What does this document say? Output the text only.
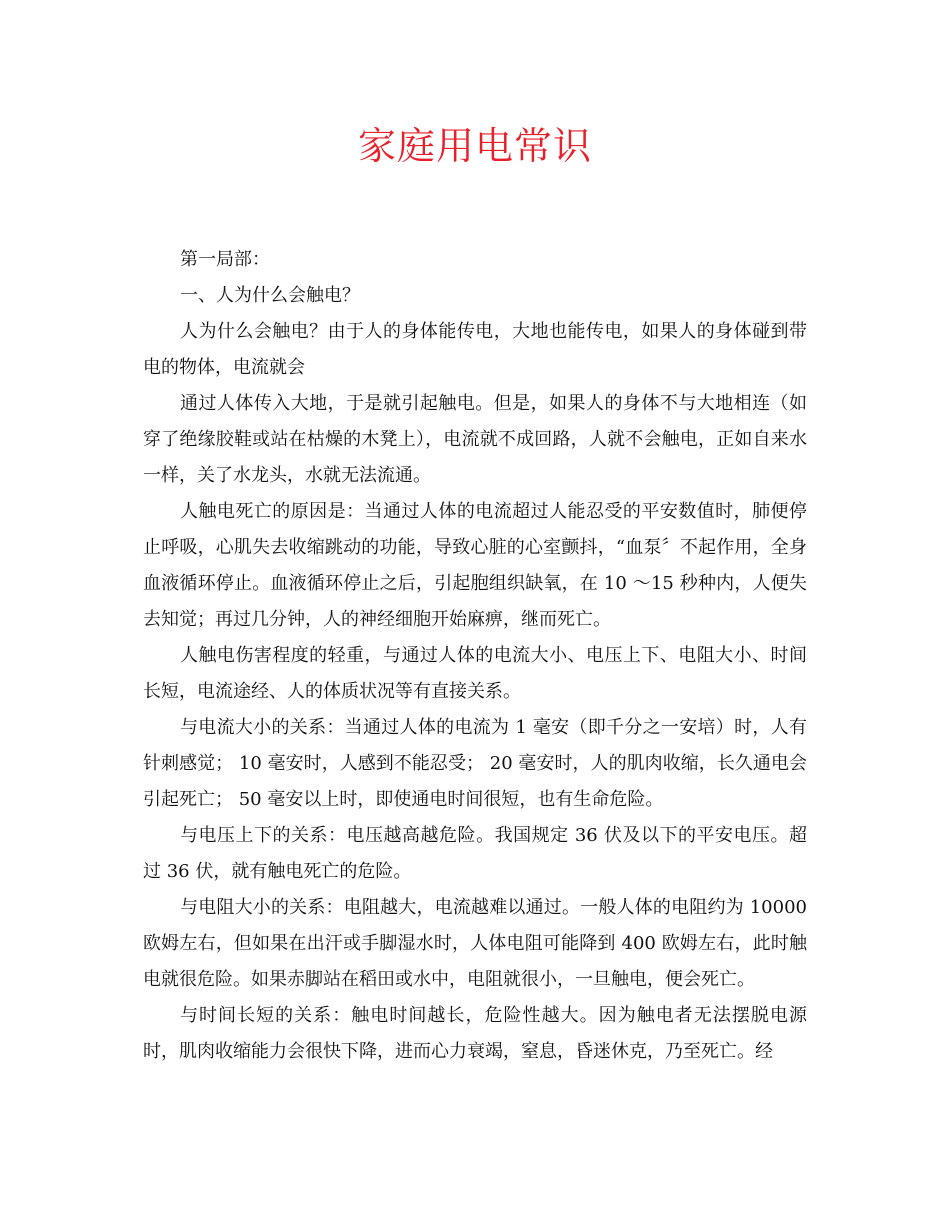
家庭用电常识

第一局部：

一、人为什么会触电？

人为什么会触电？由于人的身体能传电，大地也能传电，如果人的身体碰到带电的物体，电流就会

通过人体传入大地，于是就引起触电。但是，如果人的身体不与大地相连（如穿了绝缘胶鞋或站在枯燥的木凳上），电流就不成回路，人就不会触电，正如自来水一样，关了水龙头，水就无法流通。

人触电死亡的原因是：当通过人体的电流超过人能忍受的平安数值时，肺便停止呼吸，心肌失去收缩跳动的功能，导致心脏的心室颤抖，“血泵〞不起作用，全身血液循环停止。血液循环停止之后，引起胞组织缺氧，在 10 ～15 秒种内，人便失去知觉；再过几分钟，人的神经细胞开始麻痹，继而死亡。

人触电伤害程度的轻重，与通过人体的电流大小、电压上下、电阻大小、时间长短，电流途经、人的体质状况等有直接关系。

与电流大小的关系：当通过人体的电流为 1 毫安（即千分之一安培）时，人有针刺感觉； 10 毫安时，人感到不能忍受； 20 毫安时，人的肌肉收缩，长久通电会引起死亡； 50 毫安以上时，即使通电时间很短，也有生命危险。

与电压上下的关系：电压越高越危险。我国规定 36 伏及以下的平安电压。超过 36 伏，就有触电死亡的危险。

与电阻大小的关系：电阻越大，电流越难以通过。一般人体的电阻约为 10000 欧姆左右，但如果在出汗或手脚湿水时，人体电阻可能降到 400 欧姆左右，此时触电就很危险。如果赤脚站在稻田或水中，电阻就很小，一旦触电，便会死亡。

与时间长短的关系：触电时间越长，危险性越大。因为触电者无法摆脱电源时，肌肉收缩能力会很快下降，进而心力衰竭，窒息，昏迷休克，乃至死亡。经
